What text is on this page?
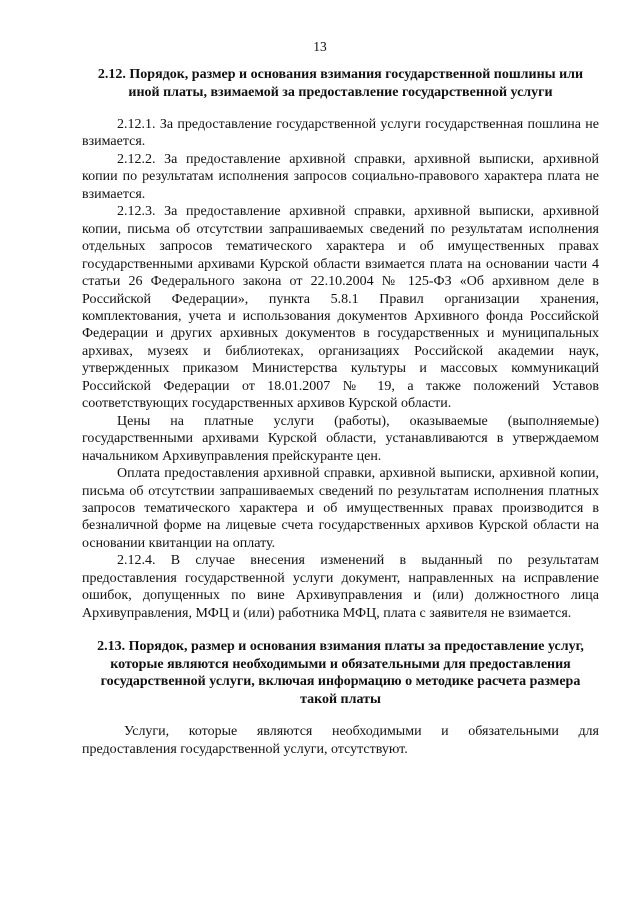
13
2.12. Порядок, размер и основания взимания государственной пошлины или иной платы, взимаемой за предоставление государственной услуги

2.12.1. За предоставление государственной услуги государственная пошлина не взимается.

2.12.2. За предоставление архивной справки, архивной выписки, архивной копии по результатам исполнения запросов социально-правового характера плата не взимается.

2.12.3. За предоставление архивной справки, архивной выписки, архивной копии, письма об отсутствии запрашиваемых сведений по результатам исполнения отдельных запросов тематического характера и об имущественных правах государственными архивами Курской области взимается плата на основании части 4 статьи 26 Федерального закона от 22.10.2004 № 125-ФЗ «Об архивном деле в Российской Федерации», пункта 5.8.1 Правил организации хранения, комплектования, учета и использования документов Архивного фонда Российской Федерации и других архивных документов в государственных и муниципальных архивах, музеях и библиотеках, организациях Российской академии наук, утвержденных приказом Министерства культуры и массовых коммуникаций Российской Федерации от 18.01.2007 № 19, а также положений Уставов соответствующих государственных архивов Курской области.

Цены на платные услуги (работы), оказываемые (выполняемые) государственными архивами Курской области, устанавливаются в утверждаемом начальником Архивуправления прейскуранте цен.

Оплата предоставления архивной справки, архивной выписки, архивной копии, письма об отсутствии запрашиваемых сведений по результатам исполнения платных запросов тематического характера и об имущественных правах производится в безналичной форме на лицевые счета государственных архивов Курской области на основании квитанции на оплату.

2.12.4. В случае внесения изменений в выданный по результатам предоставления государственной услуги документ, направленных на исправление ошибок, допущенных по вине Архивуправления и (или) должностного лица Архивуправления, МФЦ и (или) работника МФЦ, плата с заявителя не взимается.

2.13. Порядок, размер и основания взимания платы за предоставление услуг, которые являются необходимыми и обязательными для предоставления государственной услуги, включая информацию о методике расчета размера такой платы

Услуги, которые являются необходимыми и обязательными для предоставления государственной услуги, отсутствуют.
